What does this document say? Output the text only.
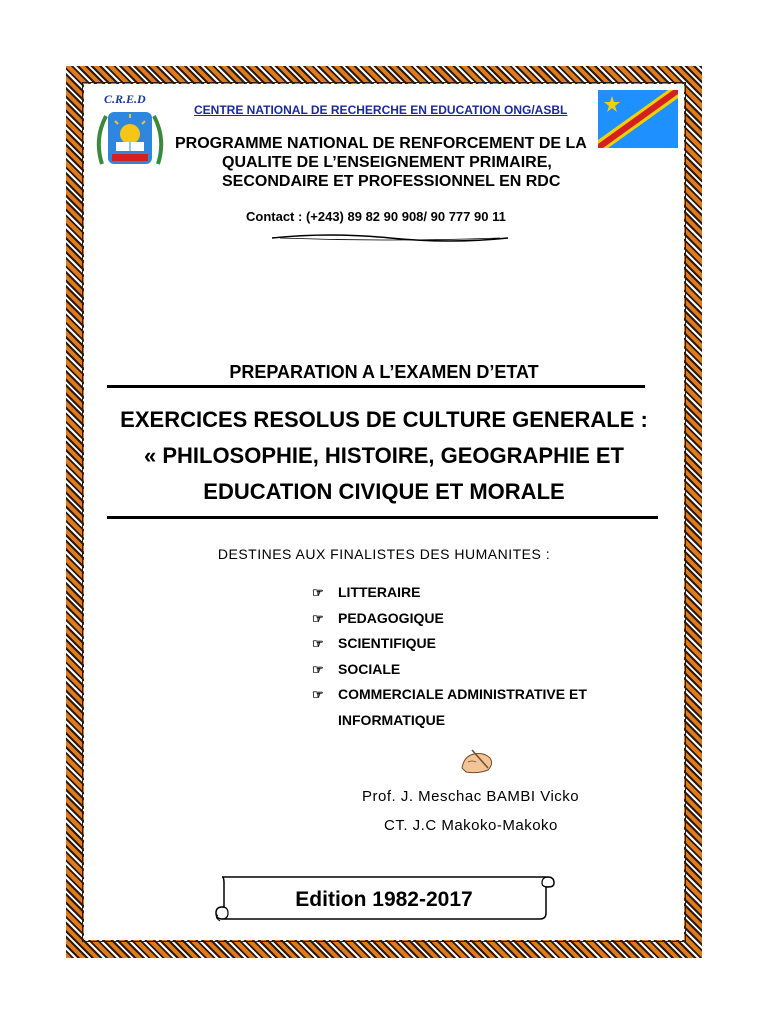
C.R.E.D
CENTRE NATIONAL DE RECHERCHE EN EDUCATION ONG/ASBL
PROGRAMME NATIONAL DE RENFORCEMENT DE LA
QUALITE DE L’ENSEIGNEMENT PRIMAIRE,
SECONDAIRE ET PROFESSIONNEL EN RDC
Contact : (+243) 89 82 90 908/ 90 777 90 11
PREPARATION A L’EXAMEN D’ETAT
EXERCICES RESOLUS DE CULTURE GENERALE :
« PHILOSOPHIE, HISTOIRE, GEOGRAPHIE ET
EDUCATION CIVIQUE ET MORALE
DESTINES AUX FINALISTES DES HUMANITES :
☞	LITTERAIRE
☞	PEDAGOGIQUE
☞	SCIENTIFIQUE
☞	SOCIALE
☞	COMMERCIALE ADMINISTRATIVE ET INFORMATIQUE
Prof. J. Meschac BAMBI Vicko
CT. J.C Makoko-Makoko
Edition 1982-2017
